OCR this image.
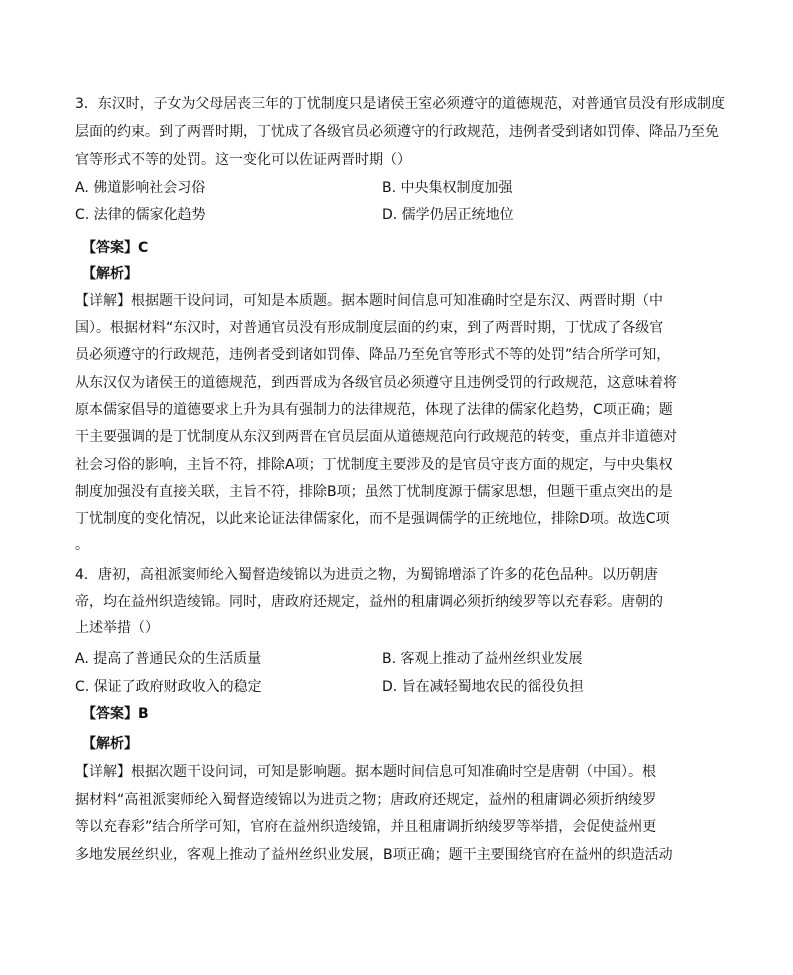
3．东汉时，子女为父母居丧三年的丁忧制度只是诸侯王室必须遵守的道德规范，对普通官员没有形成制度
层面的约束。到了两晋时期，丁忧成了各级官员必须遵守的行政规范，违例者受到诸如罚俸、降品乃至免
官等形式不等的处罚。这一变化可以佐证两晋时期（）
A. 佛道影响社会习俗	B. 中央集权制度加强
C. 法律的儒家化趋势	D. 儒学仍居正统地位
【答案】C
【解析】
【详解】根据题干设问词，可知是本质题。据本题时间信息可知准确时空是东汉、两晋时期（中
国）。根据材料“东汉时，对普通官员没有形成制度层面的约束，到了两晋时期，丁忧成了各级官
员必须遵守的行政规范，违例者受到诸如罚俸、降品乃至免官等形式不等的处罚”结合所学可知，
从东汉仅为诸侯王的道德规范，到西晋成为各级官员必须遵守且违例受罚的行政规范，这意味着将
原本儒家倡导的道德要求上升为具有强制力的法律规范，体现了法律的儒家化趋势，C项正确；题
干主要强调的是丁忧制度从东汉到两晋在官员层面从道德规范向行政规范的转变，重点并非道德对
社会习俗的影响，主旨不符，排除A项；丁忧制度主要涉及的是官员守丧方面的规定，与中央集权
制度加强没有直接关联，主旨不符，排除B项；虽然丁忧制度源于儒家思想，但题干重点突出的是
丁忧制度的变化情况，以此来论证法律儒家化，而不是强调儒学的正统地位，排除D项。故选C项
。
4．唐初，高祖派窦师纶入蜀督造绫锦以为进贡之物，为蜀锦增添了许多的花色品种。以历朝唐
帝，均在益州织造绫锦。同时，唐政府还规定，益州的租庸调必须折纳绫罗等以充春彩。唐朝的
上述举措（）
A. 提高了普通民众的生活质量	B. 客观上推动了益州丝织业发展
C. 保证了政府财政收入的稳定	D. 旨在减轻蜀地农民的徭役负担
【答案】B
【解析】
【详解】根据次题干设问词，可知是影响题。据本题时间信息可知准确时空是唐朝（中国）。根
据材料“高祖派窦师纶入蜀督造绫锦以为进贡之物；唐政府还规定，益州的租庸调必须折纳绫罗
等以充春彩”结合所学可知，官府在益州织造绫锦，并且租庸调折纳绫罗等举措，会促使益州更
多地发展丝织业，客观上推动了益州丝织业发展，B项正确；题干主要围绕官府在益州的织造活动
